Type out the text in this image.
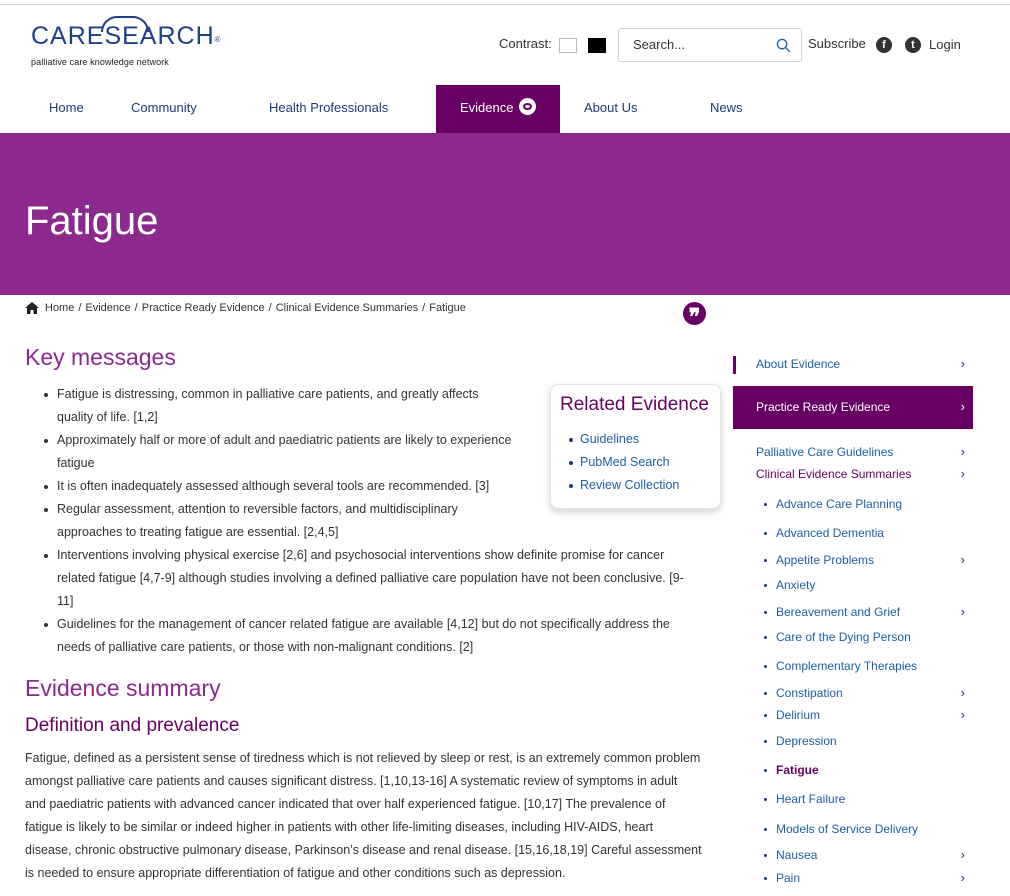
CARESEARCH®
palliative care knowledge network
Contrast:
Search...	Subscribe	f	t	Login
Home	Community	Health Professionals	Evidence	About Us	News
Fatigue
Home / Evidence / Practice Ready Evidence / Clinical Evidence Summaries / Fatigue	❞
Key messages
Fatigue is distressing, common in palliative care patients, and greatly affects
quality of life. [1,2]
Approximately half or more of adult and paediatric patients are likely to experience
fatigue
It is often inadequately assessed although several tools are recommended. [3]
Regular assessment, attention to reversible factors, and multidisciplinary
approaches to treating fatigue are essential. [2,4,5]
Interventions involving physical exercise [2,6] and psychosocial interventions show definite promise for cancer
related fatigue [4,7-9] although studies involving a defined palliative care population have not been conclusive. [9-
11]
Guidelines for the management of cancer related fatigue are available [4,12] but do not specifically address the
needs of palliative care patients, or those with non-malignant conditions. [2]
Related Evidence
Guidelines
PubMed Search
Review Collection
Evidence summary
Definition and prevalence

Fatigue, defined as a persistent sense of tiredness which is not relieved by sleep or rest, is an extremely common problem
amongst palliative care patients and causes significant distress. [1,10,13-16] A systematic review of symptoms in adult
and paediatric patients with advanced cancer indicated that over half experienced fatigue. [10,17] The prevalence of
fatigue is likely to be similar or indeed higher in patients with other life-limiting diseases, including HIV-AIDS, heart
disease, chronic obstructive pulmonary disease, Parkinson’s disease and renal disease. [15,16,18,19] Careful assessment
is needed to ensure appropriate differentiation of fatigue and other conditions such as depression.

About Evidence	›
Practice Ready Evidence	›
Palliative Care Guidelines	›
Clinical Evidence Summaries	›
Advance Care Planning
Advanced Dementia
Appetite Problems	›
Anxiety
Bereavement and Grief	›
Care of the Dying Person
Complementary Therapies
Constipation	›
Delirium	›
Depression
Fatigue
Heart Failure
Models of Service Delivery
Nausea	›
Pain	›
